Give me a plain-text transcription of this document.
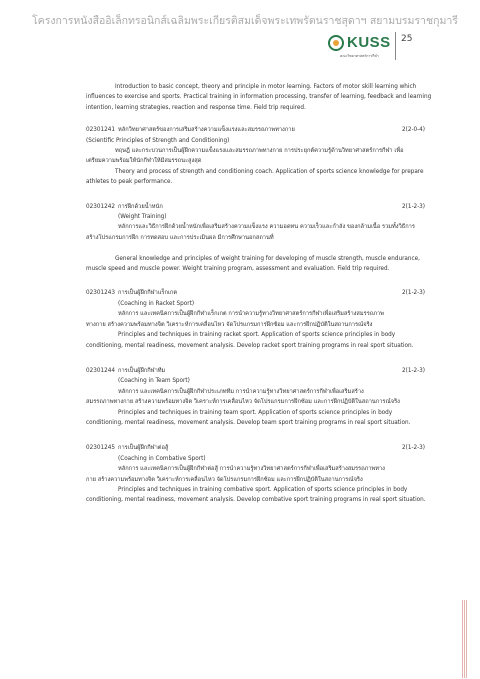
โครงการหนังสืออิเล็กทรอนิกส์เฉลิมพระเกียรติสมเด็จพระเทพรัตนราชสุดาฯ สยามบรมราชกุมารี
KUSS
คณะวิทยาศาสตร์การกีฬา
25
Introduction to basic concept, theory and principle in motor learning. Factors of motor skill learning which
influences to exercise and sports. Practical training in information processing, transfer of learning, feedback and learning
intention, learning strategies, reaction and response time. Field trip required.
02301241 หลักวิทยาศาสตร์ของการเสริมสร้างความแข็งแรงและสมรรถภาพทางกาย	2(2-0-4)
(Scientific Principles of Strength and Conditioning)
ทฤษฎี และกระบวนการเป็นผู้ฝึกความแข็งแรงและสมรรถภาพทางกาย การประยุกต์ความรู้ด้านวิทยาศาสตร์การกีฬา เพื่อ
เตรียมความพร้อมให้นักกีฬาให้มีสมรรถนะสูงสุด
Theory and process of strength and conditioning coach. Application of sports science knowledge for prepare
athletes to peak performance.
02301242 การฝึกด้วยน้ำหนัก	2(1-2-3)
(Weight Training)
หลักการและวิธีการฝึกด้วยน้ำหนักเพื่อเสริมสร้างความแข็งแรง ความอดทน ความเร็วและกำลัง ของกล้ามเนื้อ รวมทั้งวิธีการ
สร้างโปรแกรมการฝึก การทดสอบ และการประเมินผล มีการศึกษานอกสถานที่
General knowledge and principles of weight training for developing of muscle strength, muscle endurance,
muscle speed and muscle power. Weight training program, assessment and evaluation. Field trip required.
02301243 การเป็นผู้ฝึกกีฬาแร็กเกต	2(1-2-3)
(Coaching in Racket Sport)
หลักการ และเทคนิคการเป็นผู้ฝึกกีฬาแร็กเกต การนำความรู้ทางวิทยาศาสตร์การกีฬาเพื่อเสริมสร้างสมรรถภาพ
ทางกาย สร้างความพร้อมทางจิต วิเคราะห์การเคลื่อนไหว จัดโปรแกรมการฝึกซ้อม และการฝึกปฏิบัติในสถานการณ์จริง
Principles and techniques in training racket sport. Application of sports science principles in body
conditioning, mental readiness, movement analysis. Develop racket sport training programs in real sport situation.
02301244 การเป็นผู้ฝึกกีฬาทีม	2(1-2-3)
(Coaching in Team Sport)
หลักการ และเทคนิคการเป็นผู้ฝึกกีฬาประเภททีม การนำความรู้ทางวิทยาศาสตร์การกีฬาเพื่อเสริมสร้าง
สมรรถภาพทางกาย สร้างความพร้อมทางจิต วิเคราะห์การเคลื่อนไหว จัดโปรแกรมการฝึกซ้อม และการฝึกปฏิบัติในสถานการณ์จริง
Principles and techniques in training team sport. Application of sports science principles in body
conditioning, mental readiness, movement analysis. Develop team sport training programs in real sport situation.
02301245 การเป็นผู้ฝึกกีฬาต่อสู้	2(1-2-3)
(Coaching in Combative Sport)
หลักการ และเทคนิคการเป็นผู้ฝึกกีฬาต่อสู้ การนำความรู้ทางวิทยาศาสตร์การกีฬาเพื่อเสริมสร้างสมรรถภาพทาง
กาย สร้างความพร้อมทางจิต วิเคราะห์การเคลื่อนไหว จัดโปรแกรมการฝึกซ้อม และการฝึกปฏิบัติในสถานการณ์จริง
Principles and techniques in training combative sport. Application of sports science principles in body
conditioning, mental readiness, movement analysis. Develop combative sport training programs in real sport situation.
